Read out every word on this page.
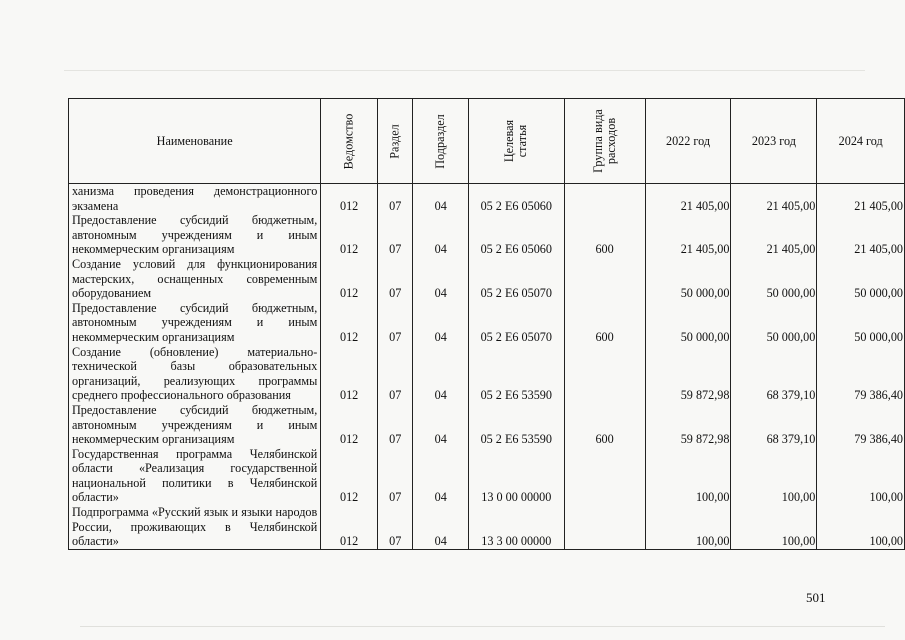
Наименование	Ведомство	Раздел	Подраздел	Целевая статья	Группа вида расходов	2022 год	2023 год	2024 год
ханизма проведения демонстрационного экзамена	012	07	04	05 2 Е6 05060		21 405,00	21 405,00	21 405,00
Предоставление субсидий бюджетным, автономным учреждениям и иным некоммерческим организациям	012	07	04	05 2 Е6 05060	600	21 405,00	21 405,00	21 405,00
Создание условий для функционирования мастерских, оснащенных современным оборудованием	012	07	04	05 2 Е6 05070		50 000,00	50 000,00	50 000,00
Предоставление субсидий бюджетным, автономным учреждениям и иным некоммерческим организациям	012	07	04	05 2 Е6 05070	600	50 000,00	50 000,00	50 000,00
Создание (обновление) материально-технической базы образовательных организаций, реализующих программы среднего профессионального образования	012	07	04	05 2 Е6 53590		59 872,98	68 379,10	79 386,40
Предоставление субсидий бюджетным, автономным учреждениям и иным некоммерческим организациям	012	07	04	05 2 Е6 53590	600	59 872,98	68 379,10	79 386,40
Государственная программа Челябинской области «Реализация государственной национальной политики в Челябинской области»	012	07	04	13 0 00 00000		100,00	100,00	100,00
Подпрограмма «Русский язык и языки народов России, проживающих в Челябинской области»	012	07	04	13 3 00 00000		100,00	100,00	100,00
501
